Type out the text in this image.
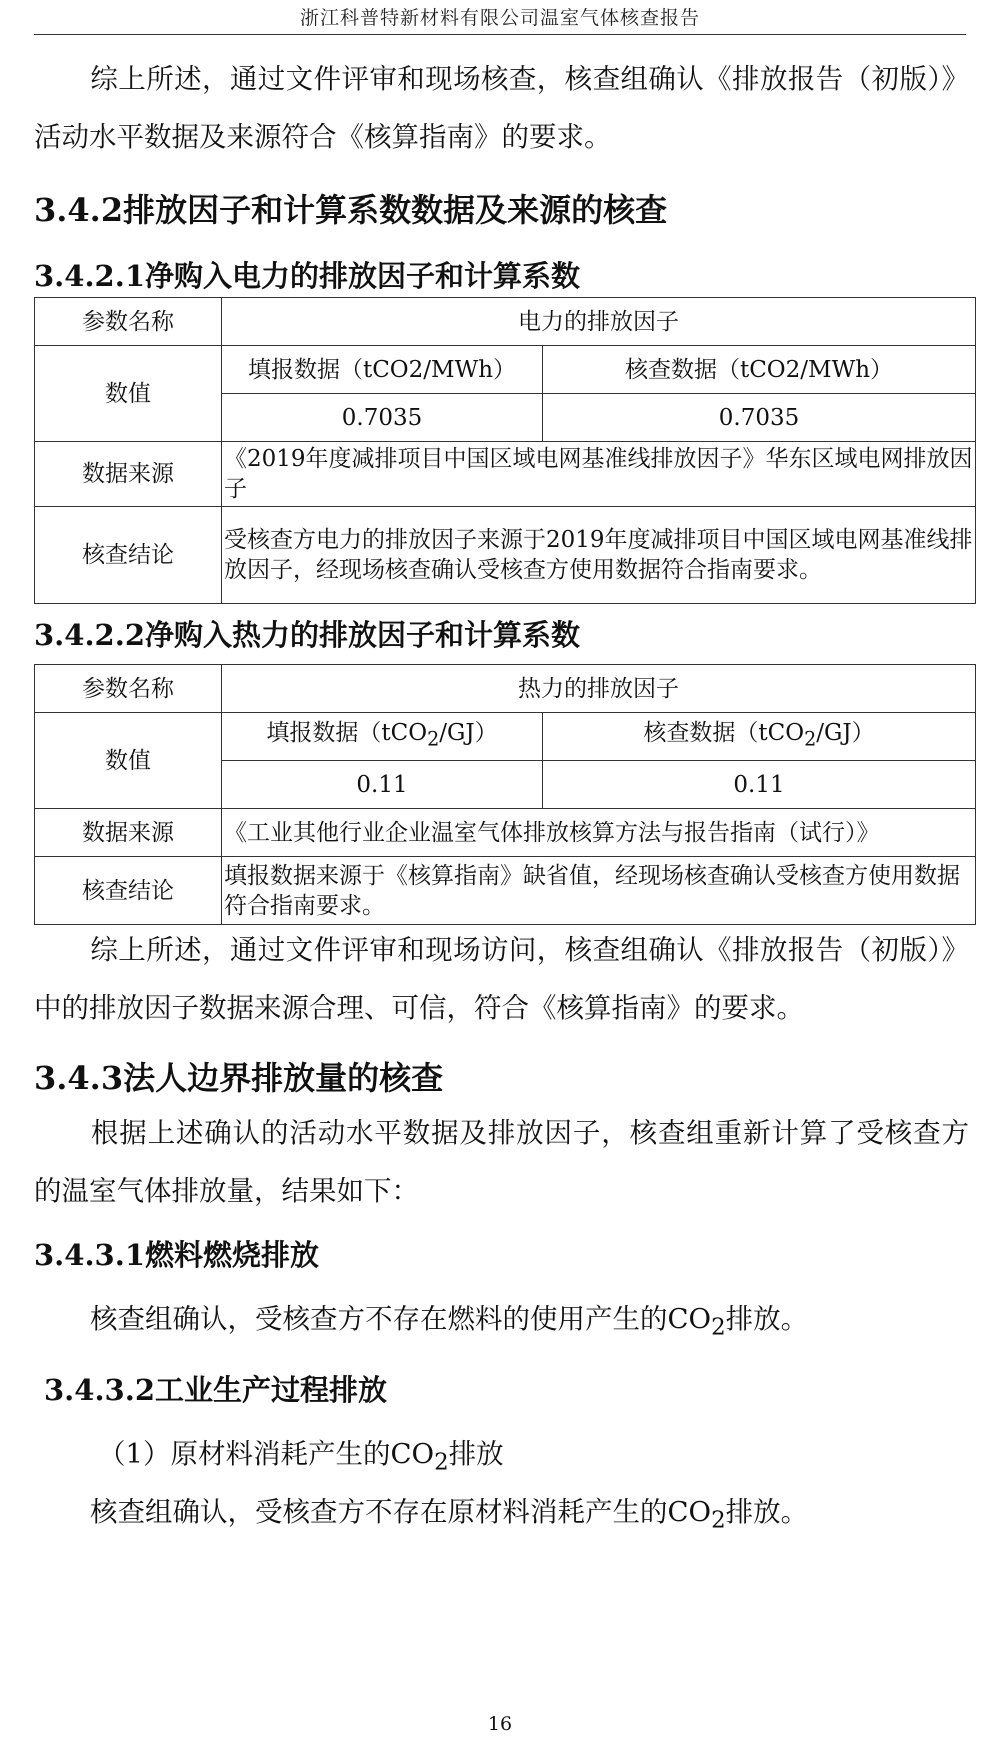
浙江科普特新材料有限公司温室气体核查报告
综上所述，通过文件评审和现场核查，核查组确认《排放报告（初版）》活动水平数据及来源符合《核算指南》的要求。
3.4.2排放因子和计算系数数据及来源的核查
3.4.2.1净购入电力的排放因子和计算系数
参数名称	电力的排放因子	
数值	填报数据（tCO2/MWh）	核查数据（tCO2/MWh）
	0.7035	0.7035
数据来源	《2019年度减排项目中国区域电网基准线排放因子》华东区域电网排放因子	
核查结论	受核查方电力的排放因子来源于2019年度减排项目中国区域电网基准线排放因子，经现场核查确认受核查方使用数据符合指南要求。	
3.4.2.2净购入热力的排放因子和计算系数
参数名称	热力的排放因子	
数值	填报数据（tCO$_2$/GJ）	核查数据（tCO$_2$/GJ）
	0.11	0.11
数据来源	《工业其他行业企业温室气体排放核算方法与报告指南（试行）》	
核查结论	填报数据来源于《核算指南》缺省值，经现场核查确认受核查方使用数据符合指南要求。	
综上所述，通过文件评审和现场访问，核查组确认《排放报告（初版）》中的排放因子数据来源合理、可信，符合《核算指南》的要求。
3.4.3法人边界排放量的核查
根据上述确认的活动水平数据及排放因子，核查组重新计算了受核查方的温室气体排放量，结果如下：
3.4.3.1燃料燃烧排放
核查组确认，受核查方不存在燃料的使用产生的$CO_2$排放。
3.4.3.2工业生产过程排放
（1）原材料消耗产生的$CO_2$排放
核查组确认，受核查方不存在原材料消耗产生的$CO_2$排放。
16
